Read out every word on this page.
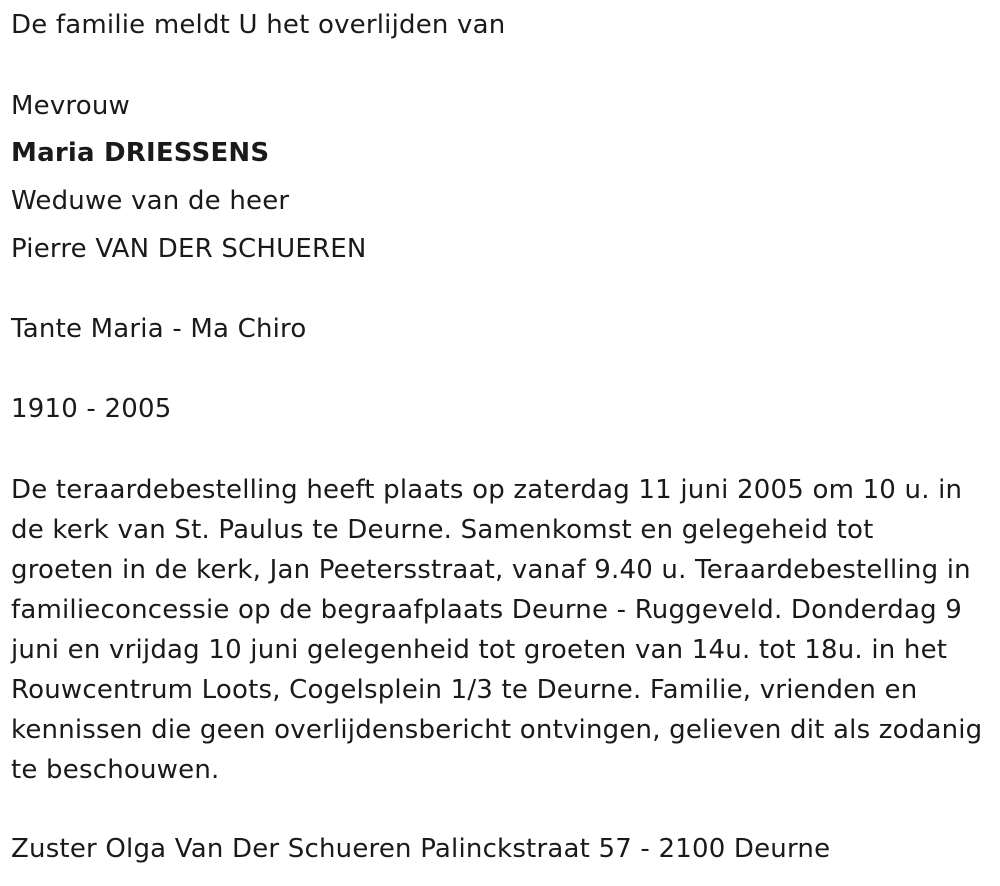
De familie meldt U het overlijden van

Mevrouw

Maria DRIESSENS

Weduwe van de heer

Pierre VAN DER SCHUEREN

Tante Maria - Ma Chiro

1910 - 2005

De teraardebestelling heeft plaats op zaterdag 11 juni 2005 om 10 u. in
de kerk van St. Paulus te Deurne. Samenkomst en gelegeheid tot
groeten in de kerk, Jan Peetersstraat, vanaf 9.40 u. Teraardebestelling in
familieconcessie op de begraafplaats Deurne - Ruggeveld. Donderdag 9
juni en vrijdag 10 juni gelegenheid tot groeten van 14u. tot 18u. in het
Rouwcentrum Loots, Cogelsplein 1/3 te Deurne. Familie, vrienden en
kennissen die geen overlijdensbericht ontvingen, gelieven dit als zodanig
te beschouwen.

Zuster Olga Van Der Schueren Palinckstraat 57 - 2100 Deurne
